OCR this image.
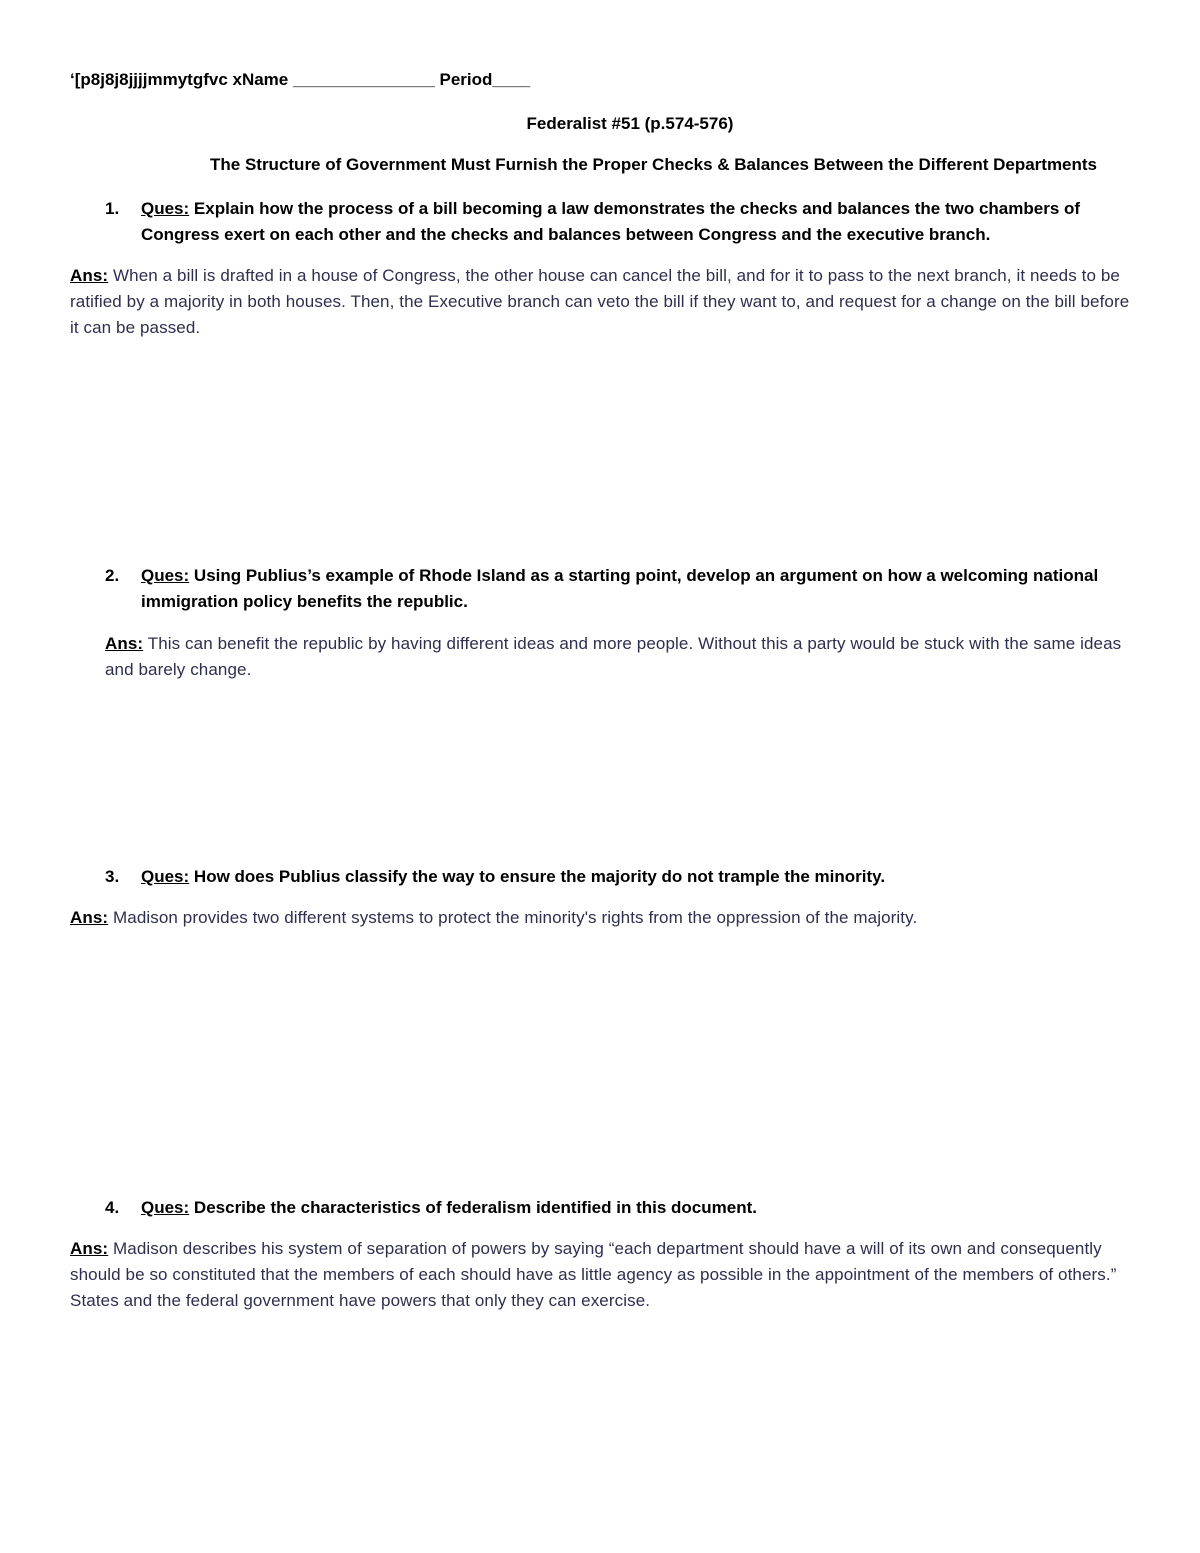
‘[p8j8j8jjjjmmytgfvc xName _______________ Period____
Federalist #51 (p.574-576)
The Structure of Government Must Furnish the Proper Checks & Balances Between the Different Departments
1. Ques: Explain how the process of a bill becoming a law demonstrates the checks and balances the two chambers of Congress exert on each other and the checks and balances between Congress and the executive branch.
Ans: When a bill is drafted in a house of Congress, the other house can cancel the bill, and for it to pass to the next branch, it needs to be ratified by a majority in both houses. Then, the Executive branch can veto the bill if they want to, and request for a change on the bill before it can be passed.
2. Ques: Using Publius’s example of Rhode Island as a starting point, develop an argument on how a welcoming national immigration policy benefits the republic.
Ans: This can benefit the republic by having different ideas and more people. Without this a party would be stuck with the same ideas and barely change.
3. Ques: How does Publius classify the way to ensure the majority do not trample the minority.
Ans: Madison provides two different systems to protect the minority's rights from the oppression of the majority.
4. Ques: Describe the characteristics of federalism identified in this document.
Ans: Madison describes his system of separation of powers by saying “each department should have a will of its own and consequently should be so constituted that the members of each should have as little agency as possible in the appointment of the members of others.” States and the federal government have powers that only they can exercise.
